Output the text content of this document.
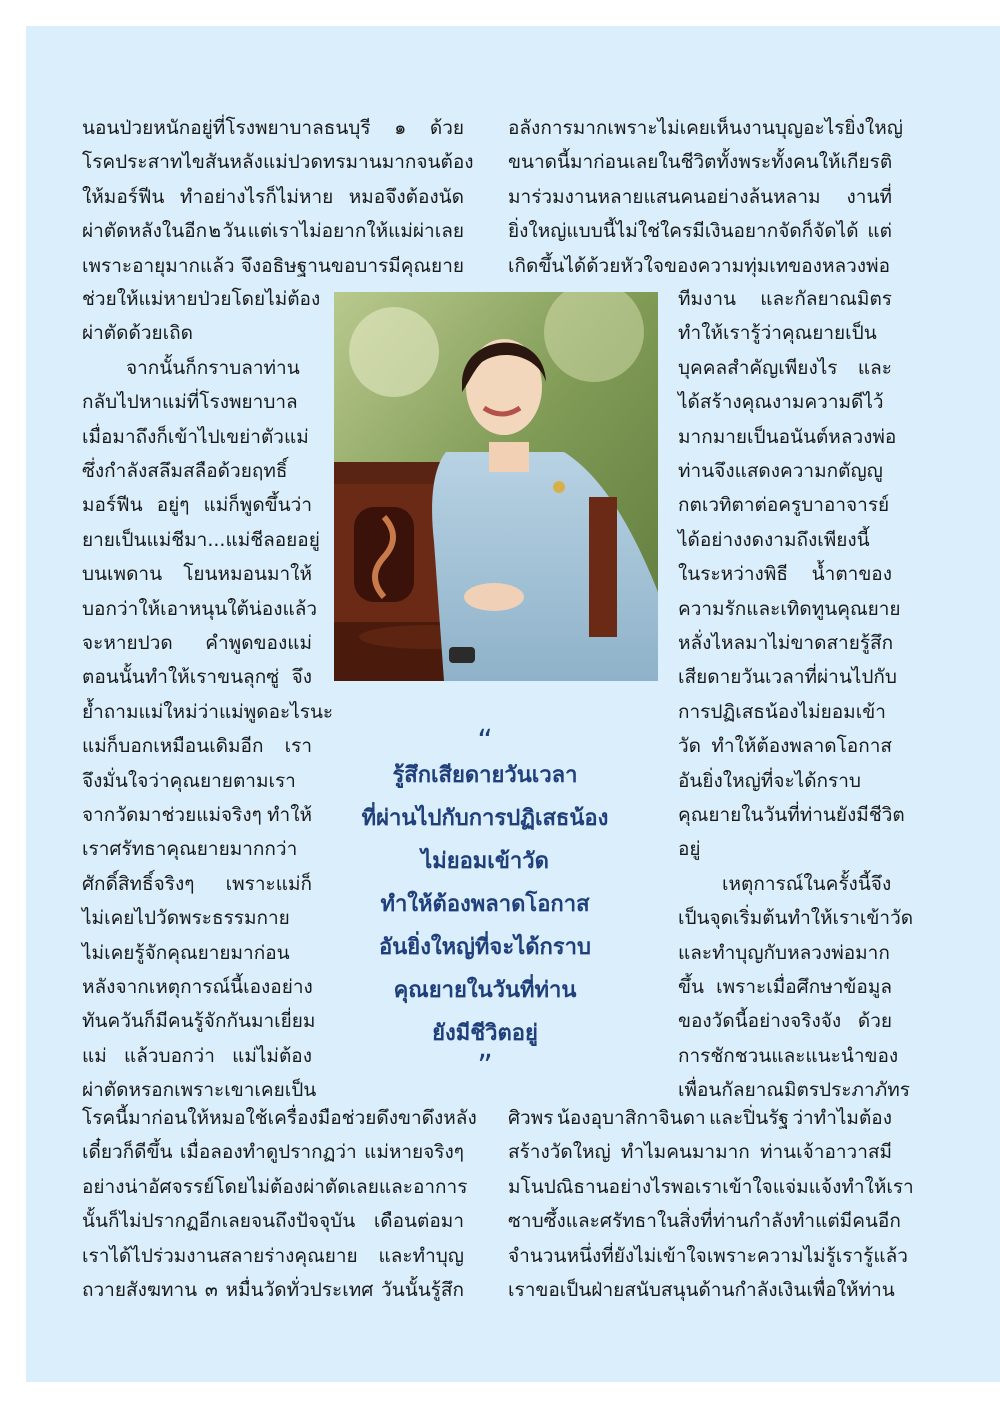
นอนป่วยหนักอยู่ที่โรงพยาบาลธนบุรี ๑ ด้วย
โรคประสาทไขสันหลัง แม่ปวดทรมานมากจนต้อง
ให้มอร์ฟีน ทำอย่างไรก็ไม่หาย หมอจึงต้องนัด
ผ่าตัดหลังในอีก ๒ วัน แต่เราไม่อยากให้แม่ผ่าเลย
เพราะอายุมากแล้ว จึงอธิษฐานขอบารมีคุณยาย
ช่วยให้แม่หายป่วยโดยไม่ต้อง
ผ่าตัดด้วยเถิด
จากนั้นก็กราบลาท่าน
กลับไปหาแม่ที่โรงพยาบาล
เมื่อมาถึงก็เข้าไปเขย่าตัวแม่
ซึ่งกำลังสลึมสลือด้วยฤทธิ์
มอร์ฟีน อยู่ๆ แม่ก็พูดขึ้นว่า
ยายเป็นแม่ชีมา...แม่ชีลอยอยู่
บนเพดาน โยนหมอนมาให้
บอกว่าให้เอาหนุนใต้น่องแล้ว
จะหายปวด คำพูดของแม่
ตอนนั้นทำให้เราขนลุกซู่ จึง
ย้ำถามแม่ใหม่ว่า แม่พูดอะไรนะ
แม่ก็บอกเหมือนเดิมอีก เรา
จึงมั่นใจว่าคุณยายตามเรา
จากวัดมาช่วยแม่จริงๆ ทำให้
เราศรัทธาคุณยายมากกว่า
ศักดิ์สิทธิ์จริงๆ เพราะแม่ก็
ไม่เคยไปวัดพระธรรมกาย
ไม่เคยรู้จักคุณยายมาก่อน
หลังจากเหตุการณ์นี้เอง อย่าง
ทันควันก็มีคนรู้จักกันมาเยี่ยม
แม่ แล้วบอกว่า แม่ไม่ต้อง
ผ่าตัดหรอก เพราะเขาเคยเป็น
โรคนี้มาก่อน ให้หมอใช้เครื่องมือช่วยดึงขาดึงหลัง
เดี๋ยวก็ดีขึ้น เมื่อลองทำดูปรากฏว่า แม่หายจริงๆ
อย่างน่าอัศจรรย์ โดยไม่ต้องผ่าตัดเลย และอาการ
นั้นก็ไม่ปรากฏอีกเลยจนถึงปัจจุบัน เดือนต่อมา
เราได้ไปร่วมงานสลายร่างคุณยาย และทำบุญ
ถวายสังฆทาน ๓ หมื่นวัดทั่วประเทศ วันนั้นรู้สึก
อลังการมาก เพราะไม่เคยเห็นงานบุญอะไรยิ่งใหญ่
ขนาดนี้มาก่อนเลยในชีวิต ทั้งพระทั้งคนให้เกียรติ
มาร่วมงานหลายแสนคนอย่างล้นหลาม งานที่
ยิ่งใหญ่แบบนี้ไม่ใช่ใครมีเงินอยากจัดก็จัดได้ แต่
เกิดขึ้นได้ด้วยหัวใจของความทุ่มเทของหลวงพ่อ
ทีมงาน และกัลยาณมิตร
ทำให้เรารู้ว่าคุณยายเป็น
บุคคลสำคัญเพียงไร และ
ได้สร้างคุณงามความดีไว้
มากมายเป็นอนันต์ หลวงพ่อ
ท่านจึงแสดงความกตัญญู
กตเวทิตาต่อครูบาอาจารย์
ได้อย่างงดงามถึงเพียงนี้
ในระหว่างพิธี น้ำตาของ
ความรักและเทิดทูนคุณยาย
หลั่งไหลมาไม่ขาดสาย รู้สึก
เสียดายวันเวลาที่ผ่านไปกับ
การปฏิเสธน้องไม่ยอมเข้า
วัด ทำให้ต้องพลาดโอกาส
อันยิ่งใหญ่ที่จะได้กราบ
คุณยายในวันที่ท่านยังมีชีวิต
อยู่
เหตุการณ์ในครั้งนี้จึง
เป็นจุดเริ่มต้นทำให้เราเข้าวัด
และทำบุญกับหลวงพ่อมาก
ขึ้น เพราะเมื่อศึกษาข้อมูล
ของวัดนี้อย่างจริงจัง ด้วย
การชักชวนและแนะนำของ
เพื่อนกัลยาณมิตรประภาภัทร
ศิวพร น้องอุบาสิกาจินดา และปิ่นรัฐ ว่าทำไมต้อง
สร้างวัดใหญ่ ทำไมคนมามาก ท่านเจ้าอาวาสมี
มโนปณิธานอย่างไร พอเราเข้าใจแจ่มแจ้งทำให้เรา
ซาบซึ้งและศรัทธาในสิ่งที่ท่านกำลังทำ แต่มีคนอีก
จำนวนหนึ่งที่ยังไม่เข้าใจเพราะความไม่รู้ เรารู้แล้ว
เราขอเป็นฝ่ายสนับสนุนด้านกำลังเงิน เพื่อให้ท่าน
“
รู้สึกเสียดายวันเวลา
ที่ผ่านไปกับการปฏิเสธน้อง
ไม่ยอมเข้าวัด
ทำให้ต้องพลาดโอกาส
อันยิ่งใหญ่ที่จะได้กราบ
คุณยายในวันที่ท่าน
ยังมีชีวิตอยู่
”
